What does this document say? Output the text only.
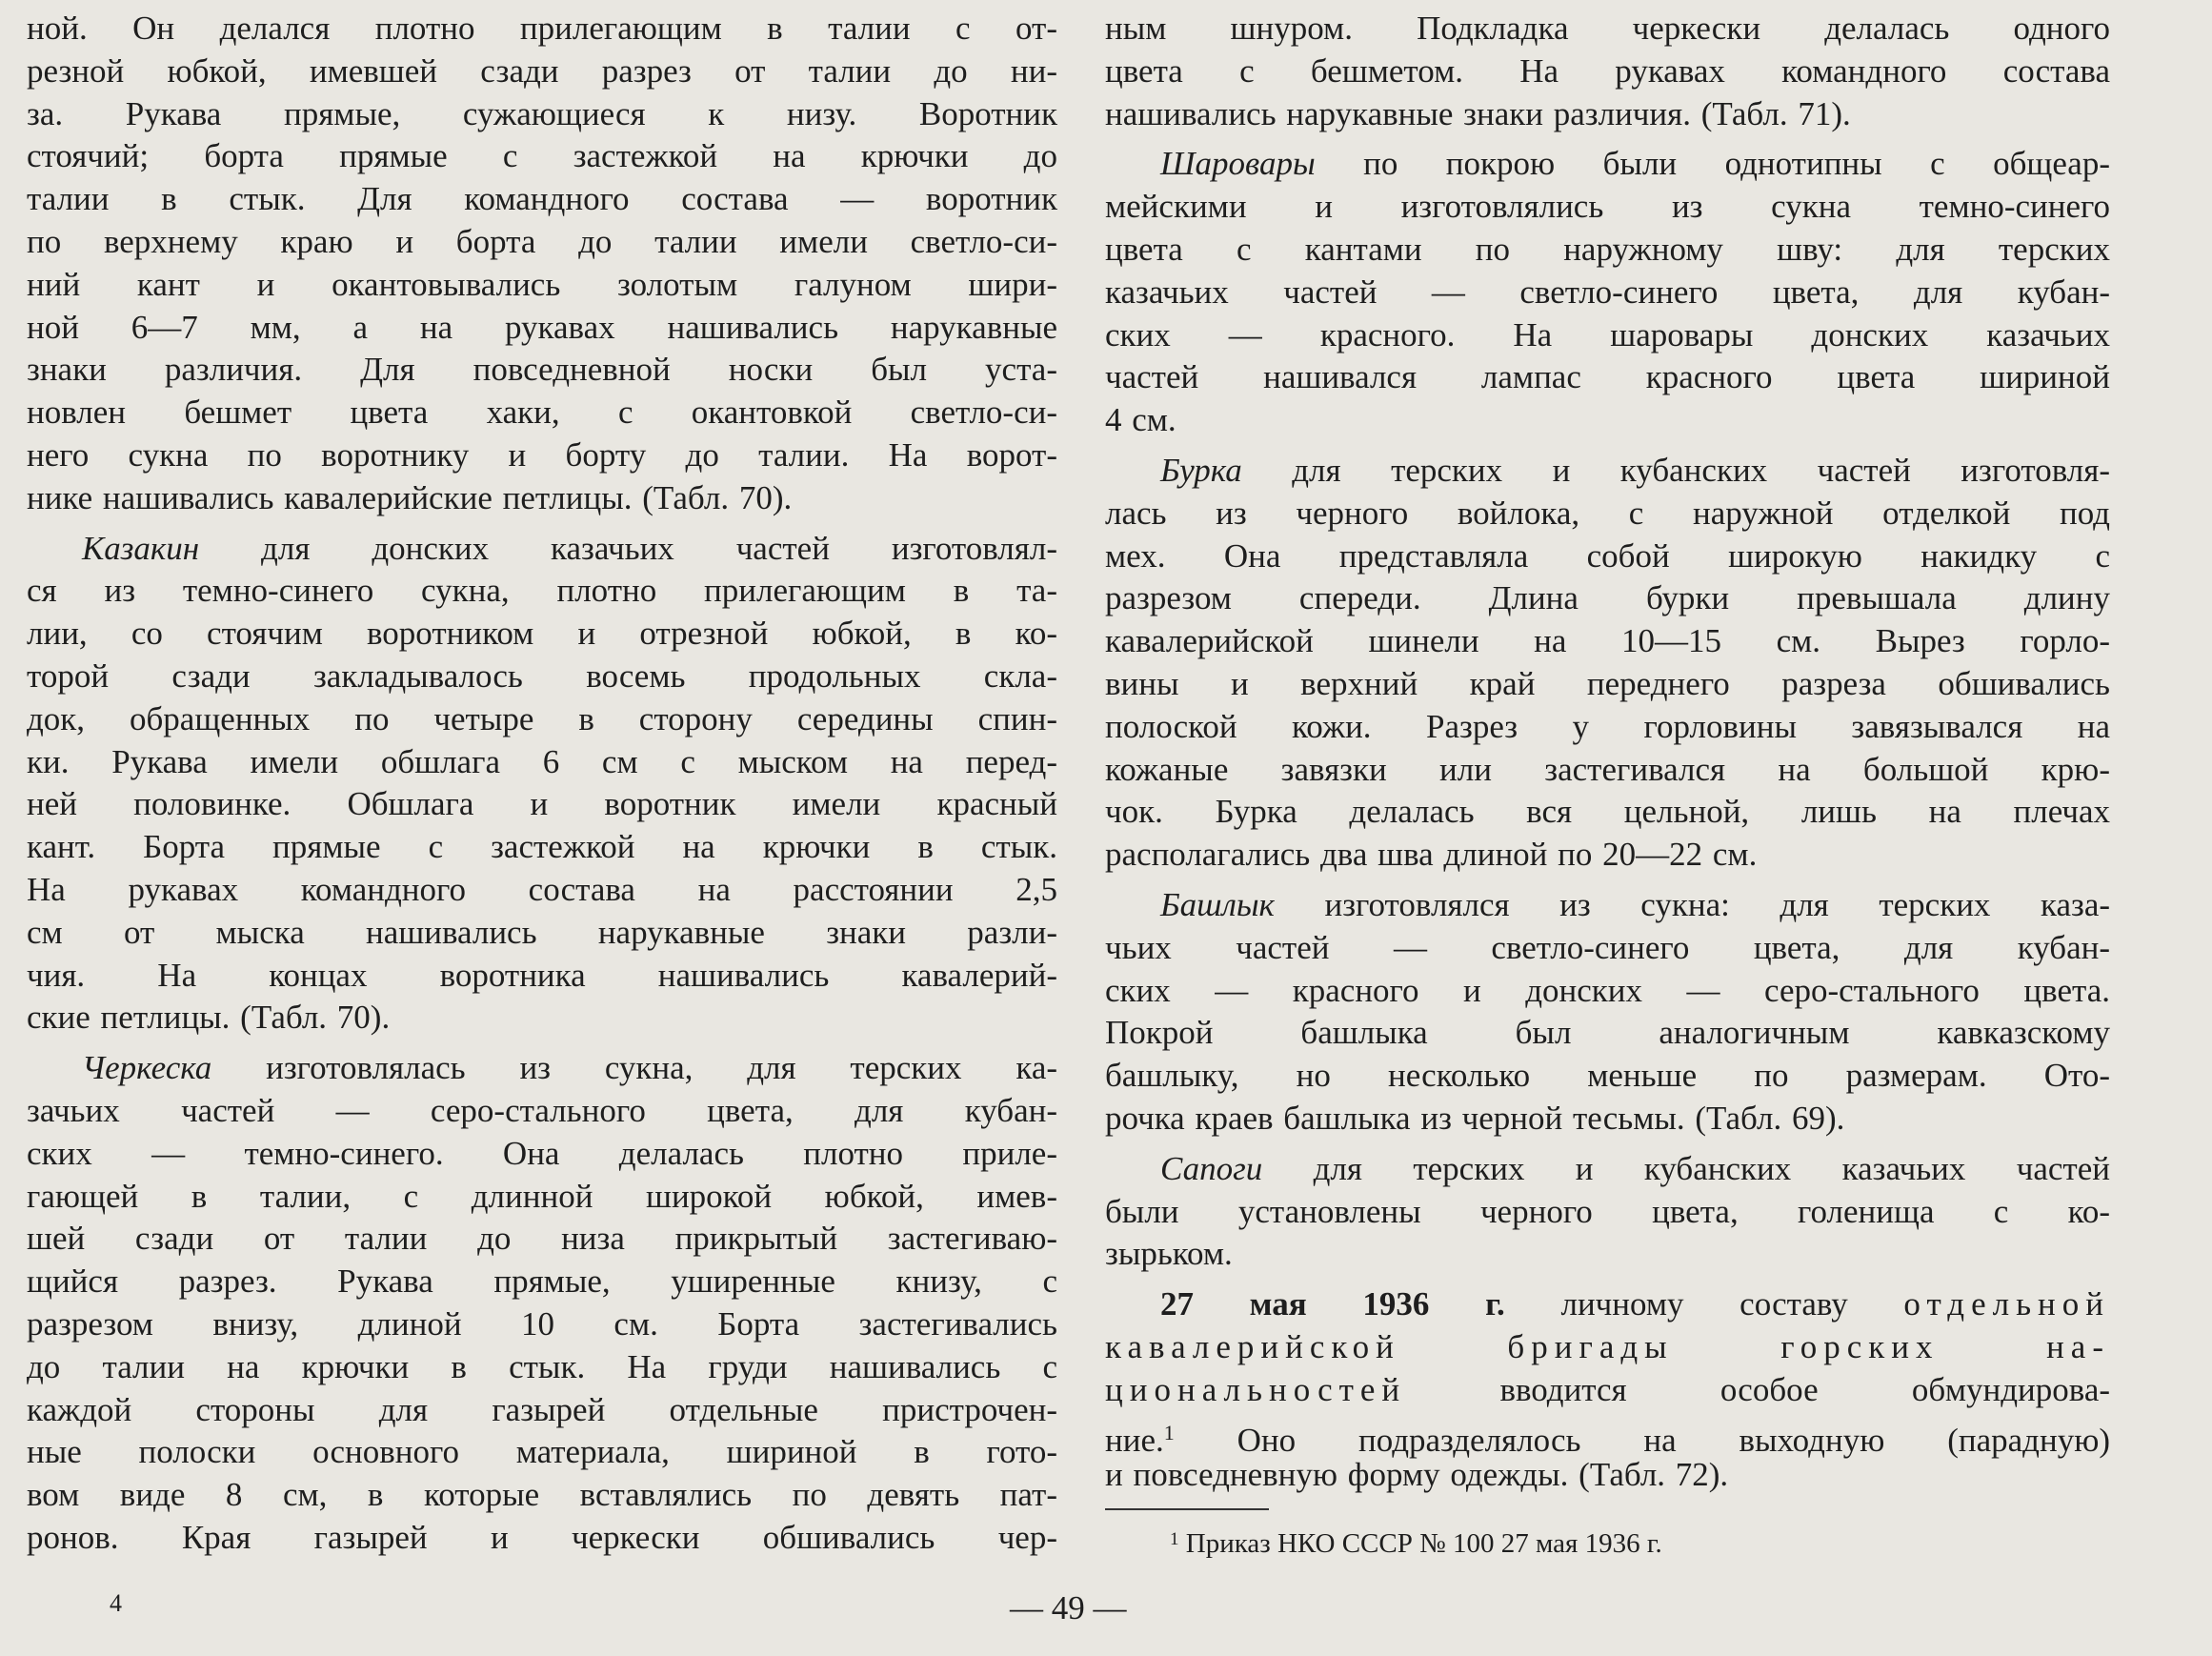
ной. Он делался плотно прилегающим в талии с от-
резной юбкой, имевшей сзади разрез от талии до ни-
за. Рукава прямые, сужающиеся к низу. Воротник
стоячий; борта прямые с застежкой на крючки до
талии в стык. Для командного состава — воротник
по верхнему краю и борта до талии имели светло-си-
ний кант и окантовывались золотым галуном шири-
ной 6—7 мм, а на рукавах нашивались нарукавные
знаки различия. Для повседневной носки был уста-
новлен бешмет цвета хаки, с окантовкой светло-си-
него сукна по воротнику и борту до талии. На ворот-
нике нашивались кавалерийские петлицы. (Табл. 70).
Казакин для донских казачьих частей изготовлял-
ся из темно-синего сукна, плотно прилегающим в та-
лии, со стоячим воротником и отрезной юбкой, в ко-
торой сзади закладывалось восемь продольных скла-
док, обращенных по четыре в сторону середины спин-
ки. Рукава имели обшлага 6 см с мыском на перед-
ней половинке. Обшлага и воротник имели красный
кант. Борта прямые с застежкой на крючки в стык.
На рукавах командного состава на расстоянии 2,5
см от мыска нашивались нарукавные знаки разли-
чия. На концах воротника нашивались кавалерий-
ские петлицы. (Табл. 70).
Черкеска изготовлялась из сукна, для терских ка-
зачьих частей — серо-стального цвета, для кубан-
ских — темно-синего. Она делалась плотно приле-
гающей в талии, с длинной широкой юбкой, имев-
шей сзади от талии до низа прикрытый застегиваю-
щийся разрез. Рукава прямые, уширенные книзу, с
разрезом внизу, длиной 10 см. Борта застегивались
до талии на крючки в стык. На груди нашивались с
каждой стороны для газырей отдельные пристрочен-
ные полоски основного материала, шириной в гото-
вом виде 8 см, в которые вставлялись по девять пат-
ронов. Края газырей и черкески обшивались чер-
ным шнуром. Подкладка черкески делалась одного
цвета с бешметом. На рукавах командного состава
нашивались нарукавные знаки различия. (Табл. 71).
Шаровары по покрою были однотипны с общеар-
мейскими и изготовлялись из сукна темно-синего
цвета с кантами по наружному шву: для терских
казачьих частей — светло-синего цвета, для кубан-
ских — красного. На шаровары донских казачьих
частей нашивался лампас красного цвета шириной
4 см.
Бурка для терских и кубанских частей изготовля-
лась из черного войлока, с наружной отделкой под
мех. Она представляла собой широкую накидку с
разрезом спереди. Длина бурки превышала длину
кавалерийской шинели на 10—15 см. Вырез горло-
вины и верхний край переднего разреза обшивались
полоской кожи. Разрез у горловины завязывался на
кожаные завязки или застегивался на большой крю-
чок. Бурка делалась вся цельной, лишь на плечах
располагались два шва длиной по 20—22 см.
Башлык изготовлялся из сукна: для терских каза-
чьих частей — светло-синего цвета, для кубан-
ских — красного и донских — серо-стального цвета.
Покрой башлыка был аналогичным кавказскому
башлыку, но несколько меньше по размерам. Ото-
рочка краев башлыка из черной тесьмы. (Табл. 69).
Сапоги для терских и кубанских казачьих частей
были установлены черного цвета, голенища с ко-
зырьком.
27 мая 1936 г. личному составу отдельной
кавалерийской бригады горских на-
циональностей	вводится особое обмундирова-
ние.$^1$ Оно подразделялось на выходную (парадную)
и повседневную форму одежды. (Табл. 72).
$^1$ Приказ НКО СССР № 100 27 мая 1936 г.
4	— 49 —
